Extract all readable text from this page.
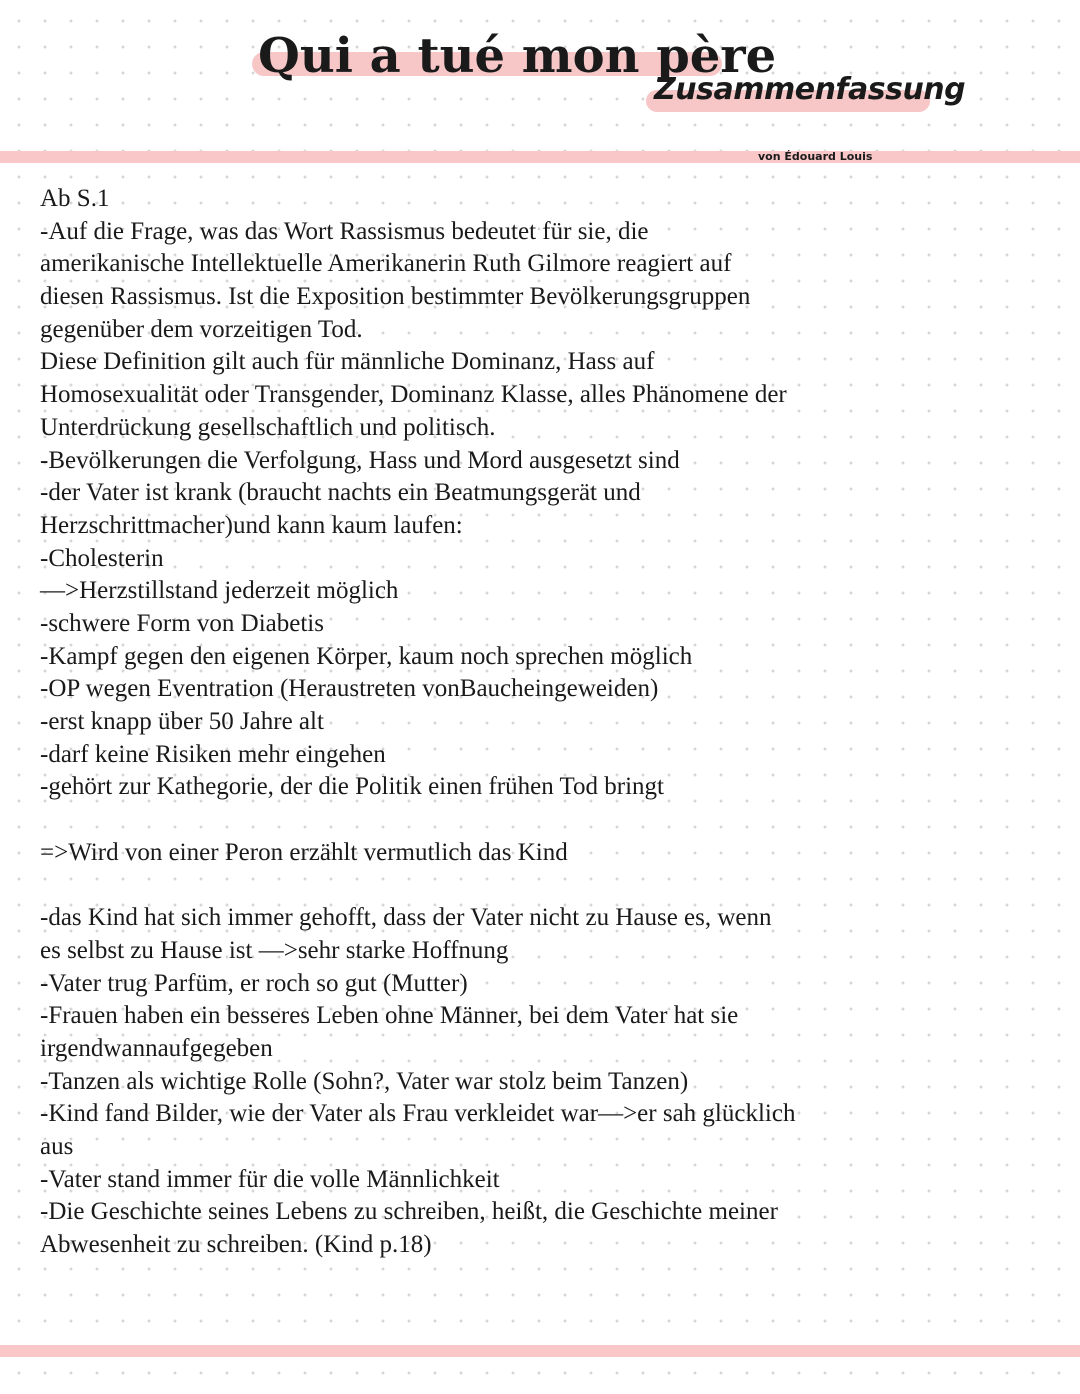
Qui a tué mon père
Zusammenfassung
von Édouard Louis
Ab S.1
-Auf die Frage, was das Wort Rassismus bedeutet für sie, die
amerikanische Intellektuelle Amerikanerin Ruth Gilmore reagiert auf
diesen Rassismus. Ist die Exposition bestimmter Bevölkerungsgruppen
gegenüber dem vorzeitigen Tod.
Diese Definition gilt auch für männliche Dominanz, Hass auf
Homosexualität oder Transgender, Dominanz Klasse, alles Phänomene der
Unterdrückung gesellschaftlich und politisch.
-Bevölkerungen die Verfolgung, Hass und Mord ausgesetzt sind
-der Vater ist krank (braucht nachts ein Beatmungsgerät und
Herzschrittmacher)und kann kaum laufen:
-Cholesterin
—>Herzstillstand jederzeit möglich
-schwere Form von Diabetis
-Kampf gegen den eigenen Körper, kaum noch sprechen möglich
-OP wegen Eventration (Heraustreten vonBaucheingeweiden)
-erst knapp über 50 Jahre alt
-darf keine Risiken mehr eingehen
-gehört zur Kathegorie, der die Politik einen frühen Tod bringt
=>Wird von einer Peron erzählt vermutlich das Kind
-das Kind hat sich immer gehofft, dass der Vater nicht zu Hause es, wenn
es selbst zu Hause ist —>sehr starke Hoffnung
-Vater trug Parfüm, er roch so gut (Mutter)
-Frauen haben ein besseres Leben ohne Männer, bei dem Vater hat sie
irgendwannaufgegeben
-Tanzen als wichtige Rolle (Sohn?, Vater war stolz beim Tanzen)
-Kind fand Bilder, wie der Vater als Frau verkleidet war—>er sah glücklich
aus
-Vater stand immer für die volle Männlichkeit
-Die Geschichte seines Lebens zu schreiben, heißt, die Geschichte meiner
Abwesenheit zu schreiben. (Kind p.18)
